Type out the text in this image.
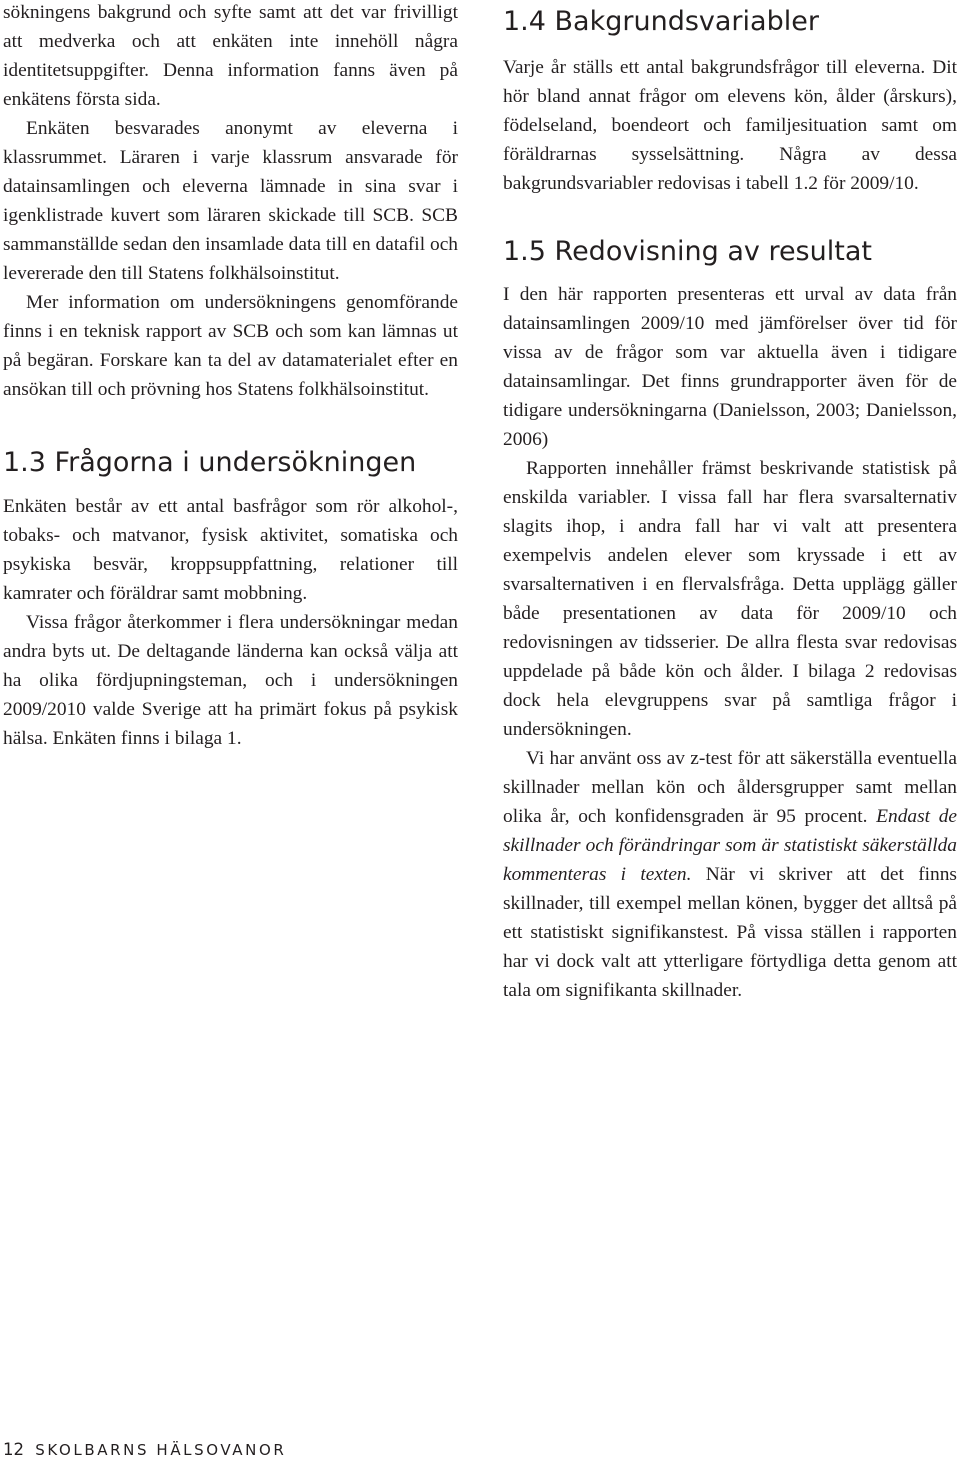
sökningens bakgrund och syfte samt att det var frivilligt att medverka och att enkäten inte innehöll några identitetsuppgifter. Denna information fanns även på enkätens första sida.

Enkäten besvarades anonymt av eleverna i klassrummet. Läraren i varje klassrum ansvarade för datainsamlingen och eleverna lämnade in sina svar i igenklistrade kuvert som läraren skickade till SCB. SCB sammanställde sedan den insamlade data till en datafil och levererade den till Statens folkhälsoinstitut.

Mer information om undersökningens genomförande finns i en teknisk rapport av SCB och som kan lämnas ut på begäran. Forskare kan ta del av datamaterialet efter en ansökan till och prövning hos Statens folkhälsoinstitut.

1.3 Frågorna i undersökningen

Enkäten består av ett antal basfrågor som rör alkohol-, tobaks- och matvanor, fysisk aktivitet, somatiska och psykiska besvär, kroppsuppfattning, relationer till kamrater och föräldrar samt mobbning.

Vissa frågor återkommer i flera undersökningar medan andra byts ut. De deltagande länderna kan också välja att ha olika fördjupningsteman, och i undersökningen 2009/2010 valde Sverige att ha primärt fokus på psykisk hälsa. Enkäten finns i bilaga 1.

1.4 Bakgrundsvariabler

Varje år ställs ett antal bakgrundsfrågor till eleverna. Dit hör bland annat frågor om elevens kön, ålder (årskurs), födelseland, boendeort och familjesituation samt om föräldrarnas sysselsättning. Några av dessa bakgrundsvariabler redovisas i tabell 1.2 för 2009/10.

1.5 Redovisning av resultat

I den här rapporten presenteras ett urval av data från datainsamlingen 2009/10 med jämförelser över tid för vissa av de frågor som var aktuella även i tidigare datainsamlingar. Det finns grundrapporter även för de tidigare undersökningarna (Danielsson, 2003; Danielsson, 2006)

Rapporten innehåller främst beskrivande statistisk på enskilda variabler. I vissa fall har flera svarsalternativ slagits ihop, i andra fall har vi valt att presentera exempelvis andelen elever som kryssade i ett av svarsalternativen i en flervalsfråga. Detta upplägg gäller både presentationen av data för 2009/10 och redovisningen av tidsserier. De allra flesta svar redovisas uppdelade på både kön och ålder. I bilaga 2 redovisas dock hela elevgruppens svar på samtliga frågor i undersökningen.

Vi har använt oss av z-test för att säkerställa eventuella skillnader mellan kön och åldersgrupper samt mellan olika år, och konfidensgraden är 95 procent. Endast de skillnader och förändringar som är statistiskt säkerställda kommenteras i texten. När vi skriver att det finns skillnader, till exempel mellan könen, bygger det alltså på ett statistiskt signifikanstest. På vissa ställen i rapporten har vi dock valt att ytterligare förtydliga detta genom att tala om signifikanta skillnader.

12 SKOLBARNS HÄLSOVANOR
